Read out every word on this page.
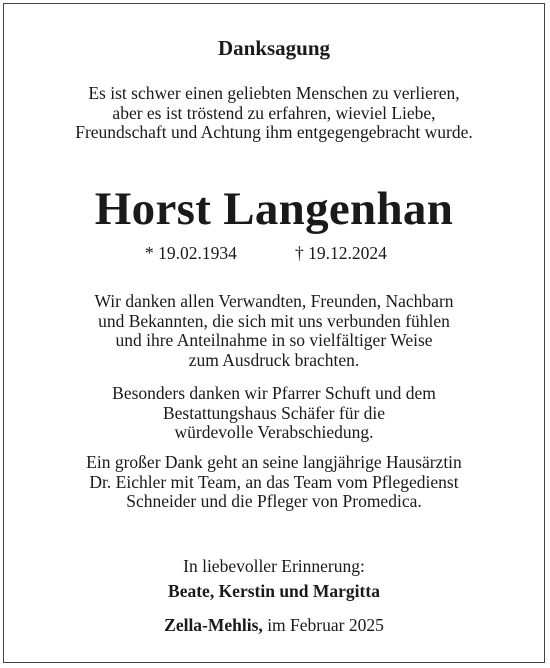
Danksagung
Es ist schwer einen geliebten Menschen zu verlieren,
aber es ist tröstend zu erfahren, wieviel Liebe,
Freundschaft und Achtung ihm entgegengebracht wurde.
Horst Langenhan
* 19.02.1934	† 19.12.2024
Wir danken allen Verwandten, Freunden, Nachbarn
und Bekannten, die sich mit uns verbunden fühlen
und ihre Anteilnahme in so vielfältiger Weise
zum Ausdruck brachten.
Besonders danken wir Pfarrer Schuft und dem
Bestattungshaus Schäfer für die
würdevolle Verabschiedung.
Ein großer Dank geht an seine langjährige Hausärztin
Dr. Eichler mit Team, an das Team vom Pflegedienst
Schneider und die Pfleger von Promedica.
In liebevoller Erinnerung:
Beate, Kerstin und Margitta
Zella-Mehlis, im Februar 2025
